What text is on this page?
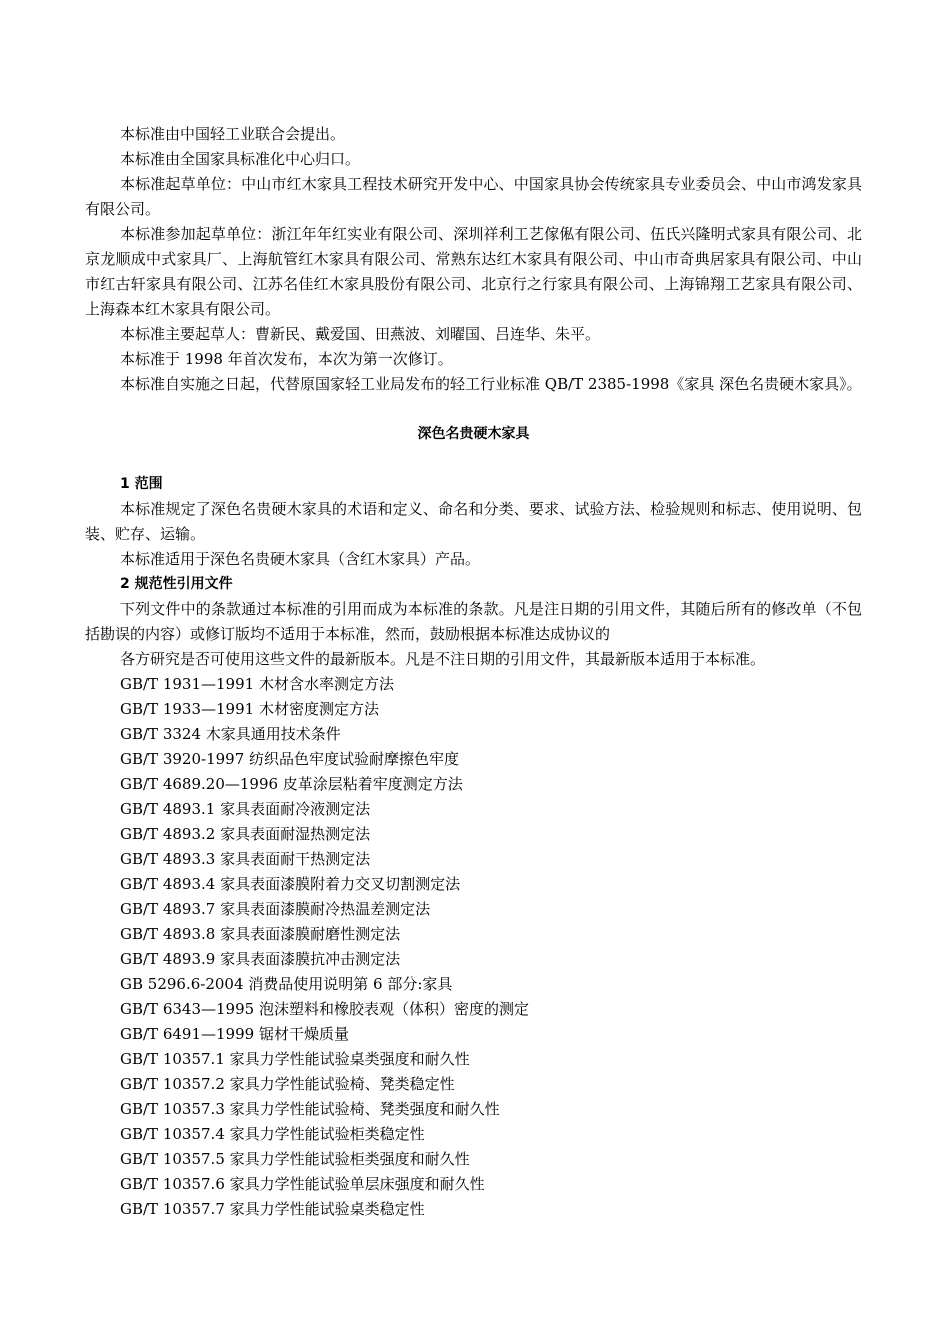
本标准由中国轻工业联合会提出。

本标准由全国家具标准化中心归口。

本标准起草单位：中山市红木家具工程技术研究开发中心、中国家具协会传统家具专业委员会、中山市鸿发家具有限公司。

本标准参加起草单位：浙江年年红实业有限公司、深圳祥利工艺傢俬有限公司、伍氏兴隆明式家具有限公司、北京龙顺成中式家具厂、上海航管红木家具有限公司、常熟东达红木家具有限公司、中山市奇典居家具有限公司、中山市红古轩家具有限公司、江苏名佳红木家具股份有限公司、北京行之行家具有限公司、上海锦翔工艺家具有限公司、上海森本红木家具有限公司。

本标准主要起草人：曹新民、戴爱国、田燕波、刘曜国、吕连华、朱平。

本标准于 1998 年首次发布，本次为第一次修订。

本标准自实施之日起，代替原国家轻工业局发布的轻工行业标准 QB/T 2385-1998《家具 深色名贵硬木家具》。

深色名贵硬木家具
1 范围

本标准规定了深色名贵硬木家具的术语和定义、命名和分类、要求、试验方法、检验规则和标志、使用说明、包装、贮存、运输。

本标准适用于深色名贵硬木家具（含红木家具）产品。

2 规范性引用文件

下列文件中的条款通过本标准的引用而成为本标准的条款。凡是注日期的引用文件，其随后所有的修改单（不包括勘误的内容）或修订版均不适用于本标准，然而，鼓励根据本标准达成协议的

各方研究是否可使用这些文件的最新版本。凡是不注日期的引用文件，其最新版本适用于本标准。

GB/T 1931—1991 木材含水率测定方法
GB/T 1933—1991 木材密度测定方法
GB/T 3324 木家具通用技术条件
GB/T 3920-1997 纺织品色牢度试验耐摩擦色牢度
GB/T 4689.20—1996 皮革涂层粘着牢度测定方法
GB/T 4893.1 家具表面耐冷液测定法
GB/T 4893.2 家具表面耐湿热测定法
GB/T 4893.3 家具表面耐干热测定法
GB/T 4893.4 家具表面漆膜附着力交叉切割测定法
GB/T 4893.7 家具表面漆膜耐冷热温差测定法
GB/T 4893.8 家具表面漆膜耐磨性测定法
GB/T 4893.9 家具表面漆膜抗冲击测定法
GB 5296.6-2004 消费品使用说明第 6 部分:家具
GB/T 6343—1995 泡沫塑料和橡胶表观（体积）密度的测定
GB/T 6491—1999 锯材干燥质量
GB/T 10357.1 家具力学性能试验桌类强度和耐久性
GB/T 10357.2 家具力学性能试验椅、凳类稳定性
GB/T 10357.3 家具力学性能试验椅、凳类强度和耐久性
GB/T 10357.4 家具力学性能试验柜类稳定性
GB/T 10357.5 家具力学性能试验柜类强度和耐久性
GB/T 10357.6 家具力学性能试验单层床强度和耐久性
GB/T 10357.7 家具力学性能试验桌类稳定性
